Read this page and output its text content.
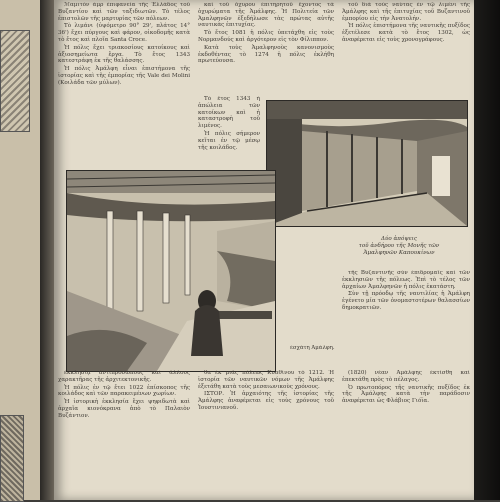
ℳαμιτόν ἁμρ ἐπιφανεία τῆς Ἑλλάδος τοῦ Βυζαντίου καὶ τῶν ταξιδιωτῶν. Τὸ τέλος ἐπιστολῶν τῆς μαρτυρίας τῶν πόλεων.

Τὸ λιμάνι (ὑψόμετρο 90° 29', πλάτος 14° 36') ἔχει πύργους καὶ φάρον, οἰκοδομῆς κατὰ τὸ ἔτος καὶ πλοῖα Santa Croce.

Ἡ πόλις ἔχει τριακοσίους κατοίκους καὶ ἀξιοσημείωτα ἔργα. Τὸ ἔτος 1343 κατεστράφη ἐκ τῆς θαλάσσης.

Ἡ πόλις Ἀμάλφη εἶναι ἐπιστήμονα τῆς ἱστορίας καὶ τῆς ἐμπορίας τῆς Vale dei Molini (Κοιλάδα τῶν μύλων).

καὶ τοῦ ὄχυρου ἐπιτηρητοῦ ἔχοντος τὰ ὀχυρώματα τῆς Ἀμάλφης. Ἡ Πολιτεία τῶν Ἀμαλφηνῶν ἐξεδήλωσε τὰς πρώτας αὐτῆς ναυτικὰς ἐπιτυχίας.

Τὸ ἔτος 1081 ἡ πόλις ὑπετάχθη εἰς τοὺς Νορμανδούς καὶ ἀργότερον εἰς τὸν Φίλιππον.

Κατὰ τοὺς Ἀμαλφηνοὺς κανονισμοὺς ἐκδοθέντας τὸ 1274 ἡ πόλις ἐκλήθη πρωτεύουσα.

τοῦ διὰ τοὺς ναύτας ἐν τῷ λιμένι τῆς Ἀμάλφης καὶ τῆς ἐπιτυχίας τοῦ Βυζαντινοῦ ἐμπορίου εἰς τὴν Ἀνατολήν.

Ἡ πόλις ἐπιστήμονα τῆς ναυτικῆς πυξίδος ἐξετέλεσε κατὰ τὸ ἔτος 1302, ὡς ἀναφέρεται εἰς τοὺς χρονογράφους.

Τὸ ἔτος 1343 ἡ ἀπώλεια τῶν κατοίκων καὶ ἡ καταστροφὴ τοῦ λιμένος.

Ἡ πόλις σήμερον κεῖται ἐν τῷ μέσῳ τῆς κοιλάδος.

Δύο ἀπόψεις
τοῦ ἀνδήρου τῆς Μονῆς τῶν Ἀμαλφηνῶν Καπουκίνων

ἐσχάτη Ἀμάλφη.

τῆς Βυζαντινῆς σὺν ἐπιδρομαῖς καὶ τῶν ἐκκλησιῶν τῆς πόλεως. Ἐπὶ τὸ τέλος τῶν ἀρχαίων Ἀμαλφηνῶν ἡ πόλις ἐκατάστη.

Σὺν τῇ πρόοδῳ τῆς ναυτιλίας ἡ Ἀμάλφη ἐγένετο μία τῶν ὀνομαστοτέρων θαλασσίων δημοκρατιῶν.

ἐκκλησίᾳ ἀντιπροσώπους καὶ ἄλλους χαρακτῆρας τῆς ἀρχιτεκτονικῆς.

Ἡ πόλις ἐν τῷ ἔτει 1022 ἐπίσκοπος τῆς κοιλάδος καὶ τῶν παρακειμένων χωρίων.

Ἡ ἱστορικὴ ἐκκλησία ἔχει ψηφιδωτὰ καὶ ἀρχαῖα κιονόκρανα ἀπὸ τὸ Παλαιὸν Βυζάντιον.

θα ἐκ μιᾶς πόλεως Κυαθίνου τὸ 1212. Ἡ ἱστορία τῶν ναυτικῶν νόμων τῆς Ἀμάλφης ἐξετάθη κατὰ τοὺς μεσαιωνικοὺς χρόνους.

ΙΣΤΟΡ. Ἡ ἀρχαιότης τῆς ἱστορίας τῆς Ἀμάλφης ἀναφέρεται εἰς τοὺς χρόνους τοῦ Ἰουστινιανοῦ.

(1820) νέαν Ἀμάλφης ἐκτίσθη καὶ ἐπεκτάθη πρὸς τὸ πέλαγος.

Ὁ πρωτοπόρος τῆς ναυτικῆς πυξίδος ἐκ τῆς Ἀμάλφης κατὰ τὴν παράδοσιν ἀναφέρεται ὡς Φλάβιος Γιόϊα.
